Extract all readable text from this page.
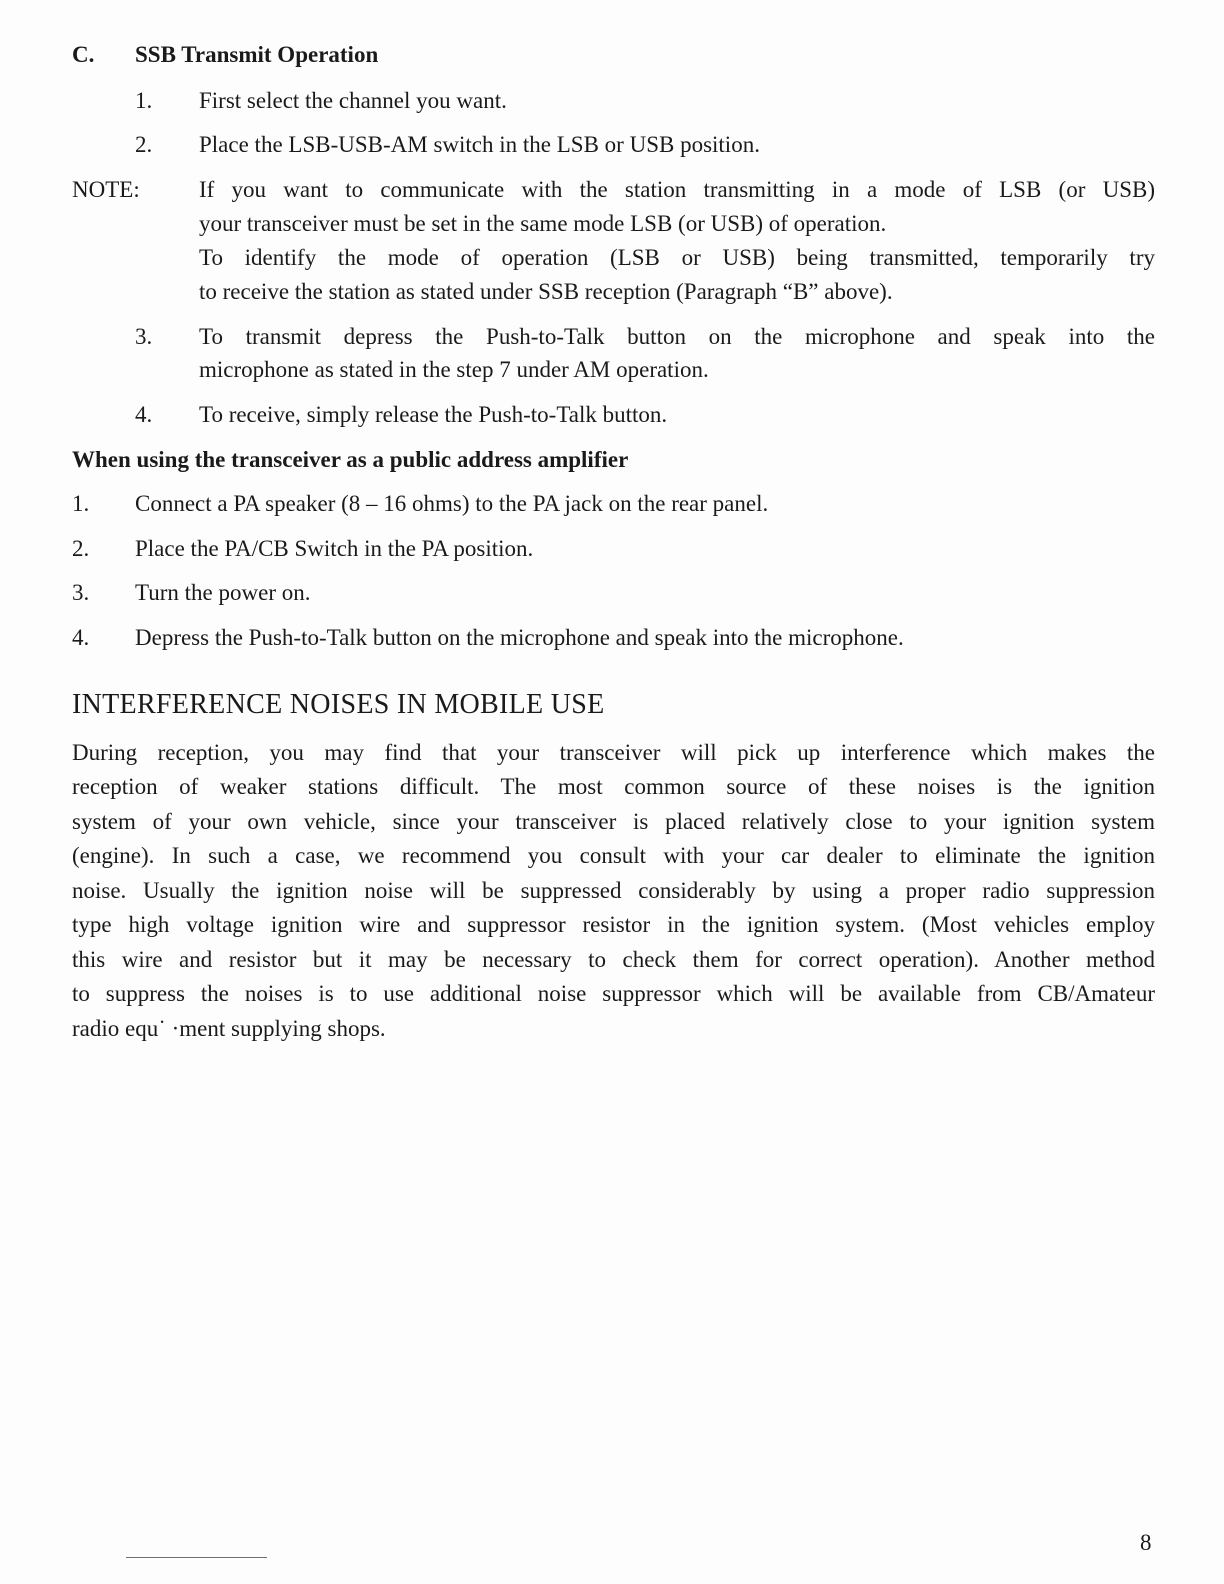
C. SSB Transmit Operation
1. First select the channel you want.
2. Place the LSB-USB-AM switch in the LSB or USB position.
NOTE:	If you want to communicate with the station transmitting in a mode of LSB (or USB)
your transceiver must be set in the same mode LSB (or USB) of operation.
To identify the mode of operation (LSB or USB) being transmitted, temporarily try
to receive the station as stated under SSB reception (Paragraph “B” above).
3. To transmit depress the Push-to-Talk button on the microphone and speak into the
microphone as stated in the step 7 under AM operation.
4. To receive, simply release the Push-to-Talk button.
When using the transceiver as a public address amplifier
1. Connect a PA speaker (8 – 16 ohms) to the PA jack on the rear panel.
2. Place the PA/CB Switch in the PA position.
3. Turn the power on.
4. Depress the Push-to-Talk button on the microphone and speak into the microphone.
INTERFERENCE NOISES IN MOBILE USE
During reception, you may find that your transceiver will pick up interference which makes the
reception of weaker stations difficult. The most common source of these noises is the ignition
system of your own vehicle, since your transceiver is placed relatively close to your ignition system
(engine). In such a case, we recommend you consult with your car dealer to eliminate the ignition
noise. Usually the ignition noise will be suppressed considerably by using a proper radio suppression
type high voltage ignition wire and suppressor resistor in the ignition system. (Most vehicles employ
this wire and resistor but it may be necessary to check them for correct operation). Another method
to suppress the noises is to use additional noise suppressor which will be available from CB/Amateur
radio equ˙ ·ment supplying shops.
8
